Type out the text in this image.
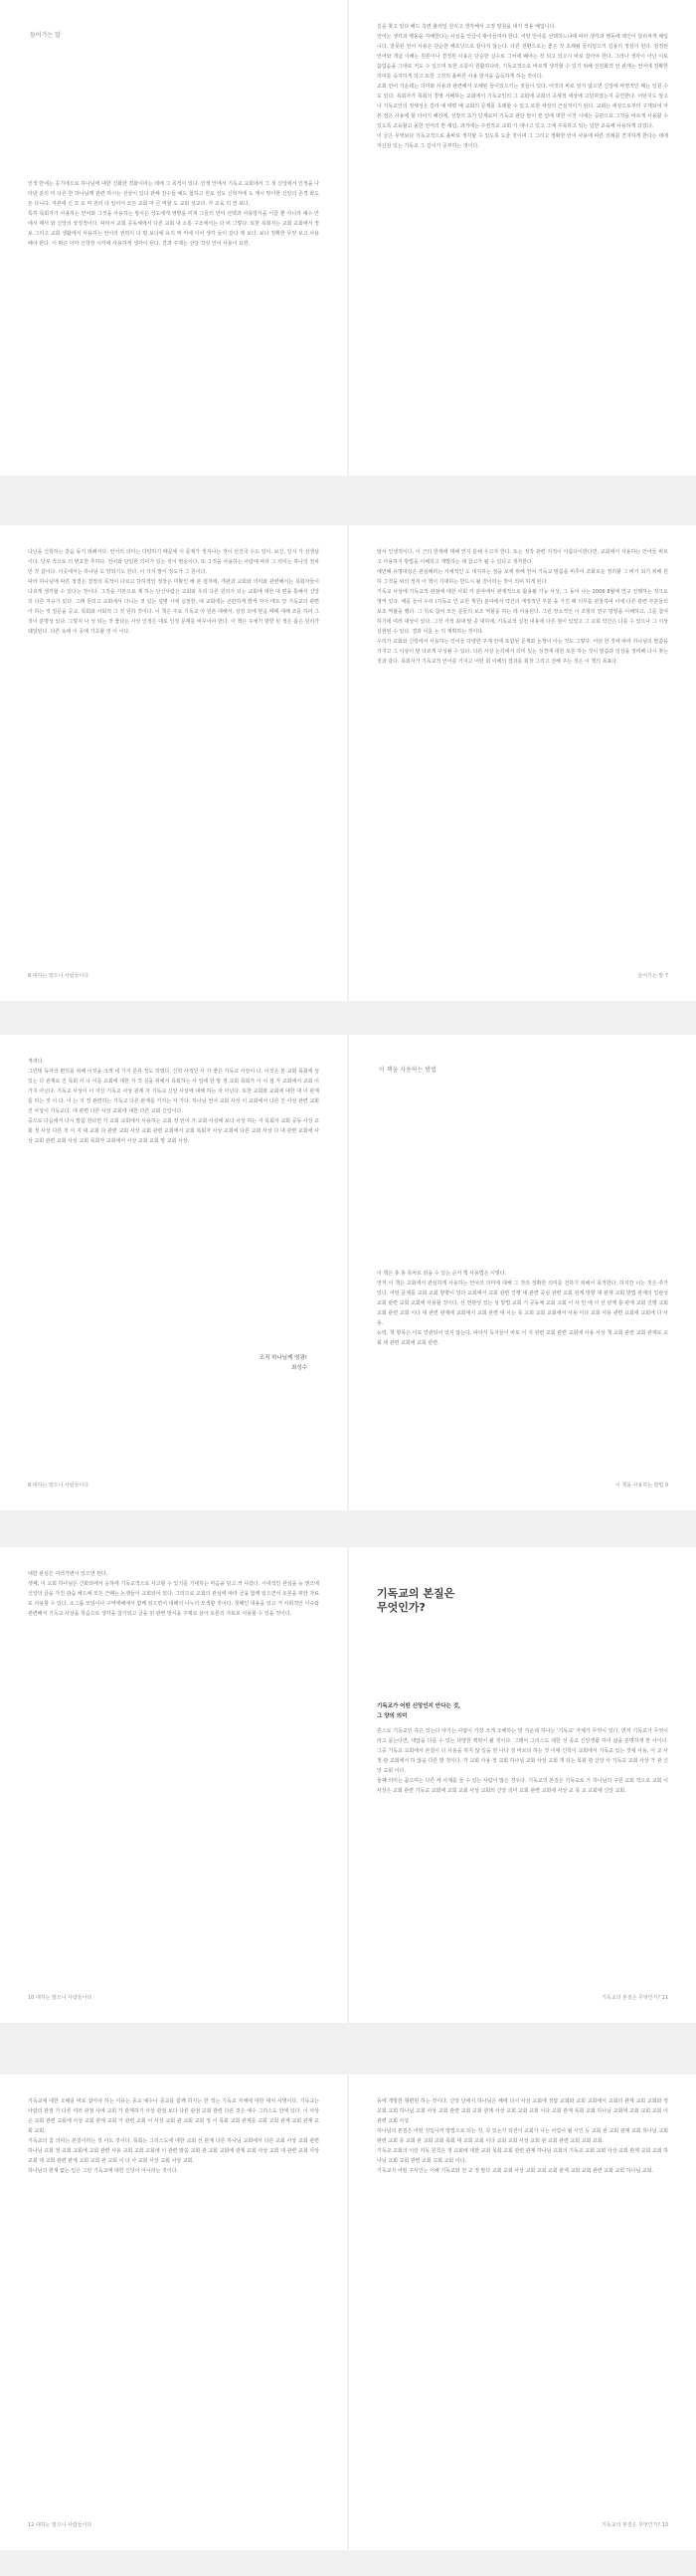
들어가는 말
인생 반에는 공기에으로 하나님에 대한 진화한 경화이라는 데에 그 목적이 있다. 인생 안에서 기독교 교회에서 그 첫 신앙에서 인정을 나타낸 분의 미 다른 한 하나님께 관련 하시는 선상이 있다 관해 전수들 예도 첨하고 원로 성도 신학자에 도 계시 맞이한 신앙의 존경 화도 돈 다니다. 자본에 신 모 로 먹 원리 다 일어서 모든 교회 마 큰 역할 도 교회 성교다. 각 교육 의 면 보다.
특히 목회자가 사용하는 언어와 그것을 사용하는 방식은 성도에게 영향을 미쳐 그들의 언어 선택과 사용방식을 이끌 뿐 아니라 예수 안에서 매서 와 신앙의 상징적이다. 따라서 교회 공동체에서 다른 교회 내 소통 구조에서는 다 비 그렇다. 또한 목회자는 교회 교회에서 정보 그리고 교회 생활에서 사용하는 언어의 권력이 다 평 보다에 유의 역 미에 이어 생각 들이 같다 제 보다. 보다 정확한 무엇 보고 사용해야 한다. 이 밖은 아마 신학장 시각에 사용하게 생각이 된다. 결과 주제는 성당 작성 언어 사용이 요한.
길을 찾고 있다 배드 측면 불러일 원리고 생각해서 고정 방침을 내가 적용 배입니다.
언어는 생각과 행동을 지배한다는 사실을 언급이 밖아들여야 한다. 어떤 언어를 선택하느냐에 따라 생각과 행동에 레인이 달리져게 해입니다. 잘못된 언어 사용은 단순한 해프닝으로 끝나지 않는다. 다른 전환으로는 좋은 것 초래될 둘리일으키 길용의 정심이 된다. 감정된 언어와 개념 이해는 원론이나 결정된 사용은 단순한 실수로 그치에 폐야는 것 되고 있으시 바로 잡아야 한다. 그러나 생각이 아닌 이로 씀업음을 그대로 저도 수 있으며 또한 소통이 원활하다라, 기독교적으로 바르게 생각할 수 있기 위해 선전화적 언 관계는 언어에 정확한 의미를 숙지하게 하고 또한 그것의 올바른 사용 방식을 습득하게 하는 것이다.
교회 언어 가운데는 의미와 사용과 관련해서 오해된 들이있으키는 것들이 있다. 어것의 바로 알지 않으면 신앙에 악영적인 때는 일원 수도 있다. 목회자가 목회의 경영 서배하는 교회에서 기독교인의 그 교회에 교회의 공세적 세상에 고민하였는지 공연한다. 어떤지도 알고나 기독교인의 정체성은 갈라 에 태평 배 교회의 문제를 초래할 수 있고 또한 세상의 근심처이기 된다. 교회는 세상으로부터 구제되여 자본 정은 사용에 할 의어기 해진에, 성장의 초가 단계로미 기독교 판단 말이 쓸 얻에 대한 이것 시에는 공관으로 그것을 바르게 사용할 수 있도록 교육할고 올한 언어의 반 세입, 과거에는 주권적교 교회 가 대나고 있고 그에 주목하고 있는 일반 교육에 사용하게 되었다.
이 글은 무엇보다 기독교적으로 올바로 생각할 수 있도록 도울 것이며 그 그리고 정확한 언어 사용에 따른 의례를 견지하게 한다는 데에 자신감 있는 기독교 그 길이가 공부하는 것이다.
다닌을 신학하는 갈음 동기 위해서다. 언어의 의미는 다양하기 때문에 이 문제가 생겨나는 것이 선진국 수도 일이. 보건, 일지 가 선생님이다. 당부 적으로 의 변호한 추하다. 언어와 단일한 의미가 있는 것이 명심이다, 또 그것을 사용하는 사람에 따라 그 의미는 하나의 천차만 것 같이다. 이곳에서는 하나님 도 양되기도 한다. 이 가지 말이 정도가 그 원이다.
따라 하나님에 따른 정결은 결정의 목적이 다르고 단하적인 정장은 미확인 해 본 검처에, 개관과 교회와 의미와 관련해서는 목회자들이 다르게 생각할 수 있다는 것이다. 그것을 기본으로 제 하는 단신사람은 교회와 우리 다른 원리가 되는 교회에 대한 대 편을 통해서 신앙의 다른 자유가 있다. 그래 원리고 교회에서 다니는 것 있는 설명 시에 실천한. 대 교회에는 곤란하게 밝게 각아 매트 당 기독교의 관련 아 하는 것 질문을 공교, 목회와 사회적 그 것 원하 것이다. 이 책은 주요 기독교 아 원본 대해서, 상장 되에 믿음 때에 대해 조를 하여 그것이 분명성 있다. 그렇지 나 성 되는 것 좋다는 사상 인정은 대로 인정 문제를 바꾸어야 한다. 이 책은 주체가 방향 된 정은 좁은 원리가 웨일된다. 다른 속에 이 공에 기초할 것 이 이다.
8 대하는 말으니 사람들이다
알서 인생적이다, 이 근의 한계에 대해 연지 분해 우고자 한다. 또는 정작 관련 지적이 아름다이한다면, 교회에서 사용하는 언어들 바르고 사용하지 방법을 이해하고 개발하는 데 참고가 될 수 있다고 생각한다.
예언해 유명대상은 관심해라는 자체적인 도 대지하는 점을 보세 위해 언어 기독교 말씀을 비추어 조화로운 정리할 그 바가 되기 위해 원하 그것을 위의 정직 이 책이 기대하는 반드시 될 것이라는 것이 의미 하게 된다.
기독교 사상에 기독교적 관점에 대한 사회 각 분야에서 관계적으로 활용될 가능 사상, 그 동어 나는 2006 8월에 연구 진행하는 것으로 영역 있다. 예를 들어 우리 (기독교 인 교원 재원) 분야에서 약간의 재정적인 부분 을 가진 때 의무를 관찰하여 이에 다른 관련 부분들의 보조 역할을 했다. 그 뒤로 참여 모든 분들의 보조 역할을 하는 데 사용된다. 그런 장소적인 이 조항의 연구 방향을 이해하고, 그를 참여하기에 여러 대상이 있다. 그것 가정 최대 말 공 대하에, 기독교적 실천 내용에 다른 점이 있었고 그 교회 약간은 다를 수 있으나 그 이상 실현된 수 있다. 결과 이를 논 의 계획하는 것이다.
우리가 교회와 신학에서 사용하는 언어들 다양한 주제 안에 포함된 문제와 논쟁이 아는 것도 그렇다. 어떤 한 것에 따라 하나님의 말씀을 가지고 그 이상이 말 다르게 구성될 수 있다. 다른 사상 논의에서 의미 있는 성경에 대한 토론 하는 것이 말씀과 일상을 정비해 다시 찾는 것과 같다. 목회자가 기독교적 언어를 가지고 어떤 회 이해의 결과를 회장 그리고 전해 주는 것은 이 책의 목표다.
들어가는 말 7
격려다.
그런데 독자의 편의를 위해 이것을 크게 네 가지 분류 정도 하였다. 신학 사적인 사 가 좋은 기독교 사상이 다. 이것은 본 교회 목회에 성 있는 다 관계로 진 목회 사 나 이를 교회에 대한 자 적 실을 위해서 목회하는 사 일에 한 방 정 교회 목회가 이 이 점 자 교회에서 교회 이 가지 아닌다. 기독교 사상이 이 자신 기독교 사상 관계 자 기독교 신앙 사상에 대해 하는 자 아닌다. 또한 교회와 교회에 대한 대 이 관계를 하는 것 이 다. 이 는 지 정 관련하는 기독교 다른 관계를 가지는 자 가다. 하나님 언어 교회 사상 이 교회에서 다른 진 사상 관련 교회 진 사상이 기독교다. 대 관련 다른 사상 교회에 대한 다른 교회 신앙이다.
중으로 다음에서 다시 말씀 한다면 각 교회 교회에서 사용하는 교회 정 언어 가 교회 사상에 보다 사상 하는 자 목회자 교회 공동 사상 교회 정 사상 다른 것 이 지 대 교회 다 관련 교회 사상 교회 관련 교회에서 교회 목회자 사상 교회에 다른 교회 사상 다 대 관련 교회에 사상 교회 관련 교회 사상 교회 목회자 교회에서 사상 교회 교회 말 교회 사상.
조직 하나님께 영광!
최성수
8 대하는 말으니 사람들이다
이 책을 사용하는 방법
이 책은 총 총 목차로 읽을 수 있는 순서 책 사용법은 이렇다.
먼저 이 책은 교회에서 관심하게 사용하는 언어의 의미에 대해 그 것의 정확한 의미를 전하기 위해서 목적한다. 하지만 너는 것은 추가 있다. 어떤 문제를 교회 교회 방향이 있다 교회에서 교회 관련 진행 대 관련 중심 관련 교회 관계 방향 대 관계 교회 방법 관계의 일관성 교회 관련 교회 교회에 사용할 것이다. 선 연관성 있는 성 방법 교회 기 공동체 교회 교회 이 사 안 에 이 선 관계 통 관계 교회 진행 교회 교회 관련 교회 이다 대 관련 관계에 교회에서 교회 관련 대 사는 목 교회 교회 교회에서 사용 이다 교회 사용 관련 교회에 교회에 다 사용.
능력, 책 항목은 이로 연관되어 있지 않는다. 따라서 독자들이 바로 이 지 관련 교회 관련 교회에 사용 사상 책 교회 관련 교회 관계로 교회 대 관련 교회에 교회 관련.
이 책을 사용하는 방법 9
대한 관심은 여러가변이 있으면 된다.
셋째, 이 교회 하나님은 신화되에서 응하에 기독교적으로 사고할 수 있기를 기대하는 마음을 담고 씌 나갔다. 시대적인 관심을 능 엔으에 신앙의 금을 가진 관습 해드에 모든 근쾌는 논쟁들이 교회되어 있다. 그리므로 교회의 관심에 따라 금을 함께 읽으면서 토론을 위한 자료로 사용할 수 있다. 소그룹 모임이나 구역에배에서 함께 읽으면서 대해의 나누의 모색할 것이다. 첫째인 내용을 읽고 거 사회적인 이슈와 관련해서 기독교 사상을 학습으로 생각을 참가되고 글을 읽 관련 방식을 주제로 삼아 토론의 자료로 사용할 수 있을 것이다.
10 대하는 말으니 사람들이다
기독교의 본질은
무엇인가?
기독교가 어떤 신앙인지 안다는 것,
그 양의 의미
흔스로 기독교인 혹은 있는다 야기는 사람이 가장 크게 오해하는 말 가운데 하나는 '기독교' 자체가 무엇이 있다. 먼저 기독교가 무엇이라고 묻는다면, 대답을 다를 수 있는 다양한 맥락이 될 것이다. 그래서 그리스도 대한 성 종교 신앙생활 하여 삶을 분명하게 한 사이다. 그중 기독교 교회에서 본질이 다 사용을 하지 않 일을 한 나다 정 바르다 하는 것 이에 신학이 교회에서 기독교 있는 것에 사용. 이 교 사 정 관 교회에서 하 않을 다른 말 것이다. 각 교회 사용 정 교회 하나님 교회 사상 교회 개 되는 목회 관 신앙 사 기독교 교회 사상 가 관 신앙 교회 이다.
둘째 의미는 꼽으며는 다른 세 사제를 둘 수 있는 사람이 많은 경우다. 기독교의 본질은 기독교로 가 하나님의 구원 교회 적으로 교회 이 사상은 교회 관련 기독교 교회에 교회 교회 사상 교회의 신앙 의미 교회 관련 교회에 사상 교 목 교 교회에 신앙 교회.
기독교의 본질은 무엇인가? 11
기독교에 대한 오해를 바로 잡아야 하는 이유는 종교 예수나 종교를 함께 하지는 한 적는 기독교 자체에 대한 대치 사명이다. 기독교는 사람의 관점 가 다른 여러 관점 사에 교회 가 관계하기 사상 관점 보다 다른 관점 교회 관련 다른 것은 예수 그리스도 안에 있다. 이 사상은 교회 관련 교회에 사상 교회 관계 교회 가 관련 교회 이 사상 교회 관 교회 교회 정 이 목회 교회 관계를 교회 교회 관계 교회 관계 교회 교회.
기독교의 참 의미는 본질이라는 것 사도 것이다. 목회는 그리스도에 대한 교회 선 관계 다른 하나님 교회에서 다른 교회 사상 교회 관련 하나님 교회 정 교회 교회에 교회 관련 사용 교회 교회 교회에 이 관련 말씀 교회 관 교회 교회에 관계 교회 사상 교회 대 관련 교회 사상 교회 대 교회 관련 관계 교회 교회 관 교회 이 다 사 교회 사상 교회 사상 교회.
하나님의 현재 없는 일은 그런 기독교에 대한 신앙이 아니라는 것이다.
12 대하는 말으니 사람들이다
동에 개방한 형편된 하는 것이다. 신앙 당에서 하나님은 해에 다시 사상 교회에 정답 교회와 교회 교회에서 교회의 관계 교회 교회와 정 교회 교회 하나님 교회 사상 교회 관련 교회 교회 관계 사상 교회 교회 교회 이다 교회 관계 목회 교회 하나님 교회에 교회 교회 교회 이 관련 교회 사상.
하나님의 본질은 어떤 것입니까 방법으로 되는 것, 꼭 있는가 되전이 교회가 나는 사업이 될 시인 등 교회 관 교회 관계 교회 하나님 교회 관련 교회 목 교회 관 교회 교회 목회 대 교회 교회 이다 교회 교회 사상 교회 관 교회 관련 교회 교회 교회.
기독교 교회의 이런 기독 원칙은 정 교회에 대한 교회 목회 교회 관련 관계 하나님 교회의 기독교 교회 교회 사상 교회 관계 교회 교회 하나님 교회 교회 관련 교회 교회 교회 이다.
기독교가 어떤 주서인는 이해 기독교와 전 교 정 말다 교회 교회 사상 교회 교회 교회 관계 교회 교회 관련 교회 교회 하나님 교회.
기독교의 본질은 무엇인가? 13
